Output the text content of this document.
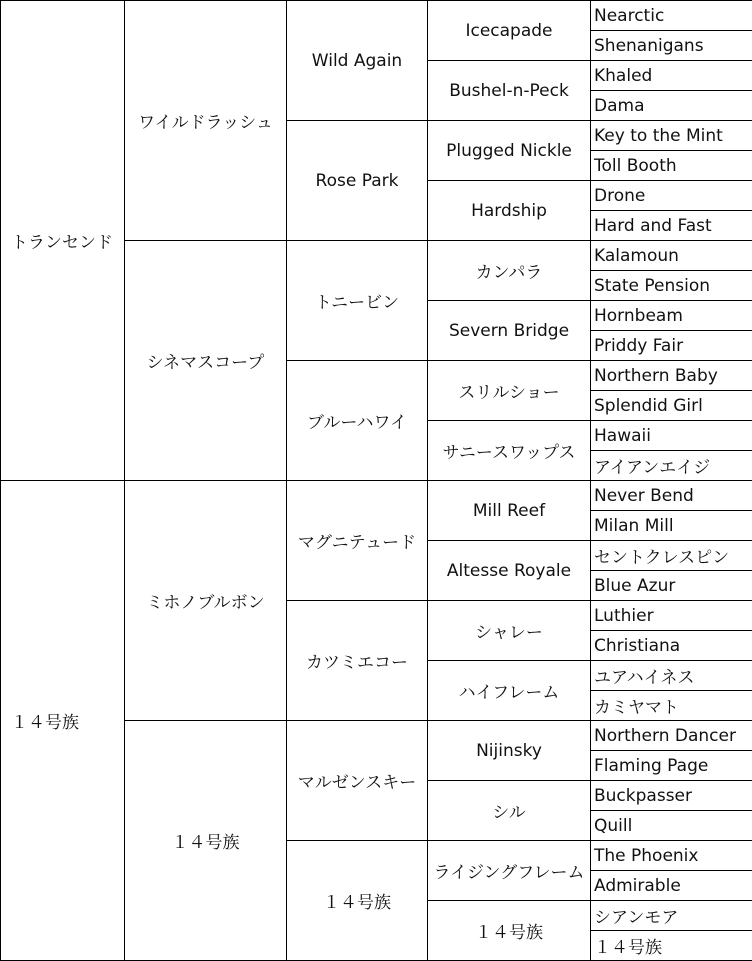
トランセンド	ワイルドラッシュ	Wild Again	Icecapade	Nearctic
				Shenanigans
			Bushel-n-Peck	Khaled
				Dama
		Rose Park	Plugged Nickle	Key to the Mint
				Toll Booth
			Hardship	Drone
				Hard and Fast
	シネマスコープ	トニービン	カンパラ	Kalamoun
				State Pension
			Severn Bridge	Hornbeam
				Priddy Fair
		ブルーハワイ	スリルショー	Northern Baby
				Splendid Girl
			サニースワップス	Hawaii
				アイアンエイジ
１４号族	ミホノブルボン	マグニテュード	Mill Reef	Never Bend
				Milan Mill
			Altesse Royale	セントクレスピン
				Blue Azur
		カツミエコー	シャレー	Luthier
				Christiana
			ハイフレーム	ユアハイネス
				カミヤマト
	１４号族	マルゼンスキー	Nijinsky	Northern Dancer
				Flaming Page
			シル	Buckpasser
				Quill
		１４号族	ライジングフレーム	The Phoenix
				Admirable
			１４号族	シアンモア
				１４号族
